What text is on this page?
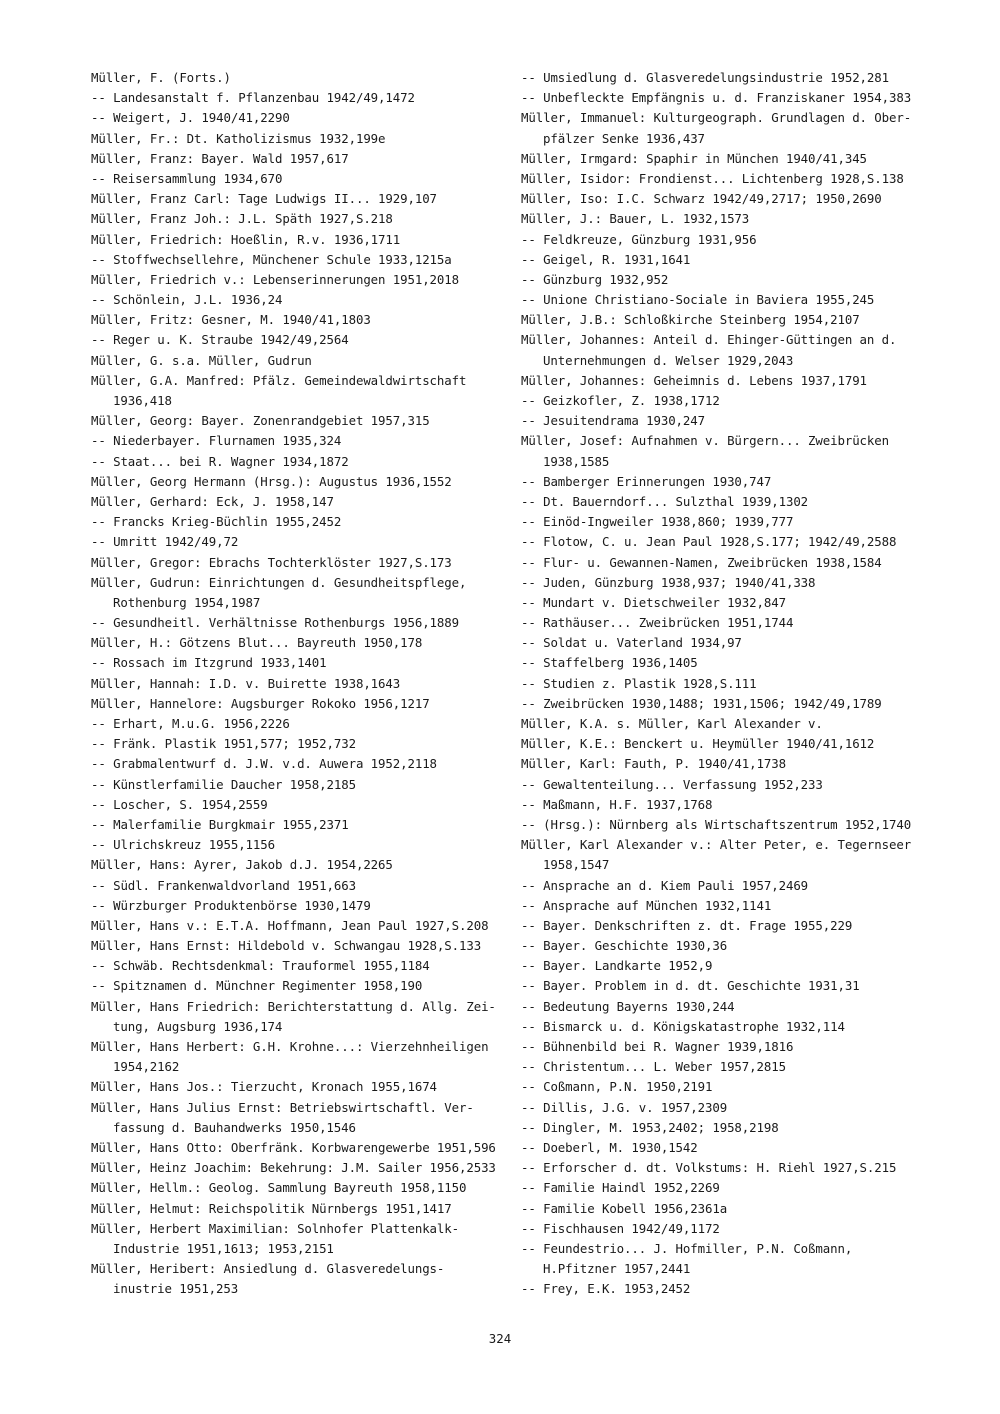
Müller, F. (Forts.)
-- Landesanstalt f. Pflanzenbau 1942/49,1472
-- Weigert, J. 1940/41,2290
Müller, Fr.: Dt. Katholizismus 1932,199e
Müller, Franz: Bayer. Wald 1957,617
-- Reisersammlung 1934,670
Müller, Franz Carl: Tage Ludwigs II... 1929,107
Müller, Franz Joh.: J.L. Späth 1927,S.218
Müller, Friedrich: Hoeßlin, R.v. 1936,1711
-- Stoffwechsellehre, Münchener Schule 1933,1215a
Müller, Friedrich v.: Lebenserinnerungen 1951,2018
-- Schönlein, J.L. 1936,24
Müller, Fritz: Gesner, M. 1940/41,1803
-- Reger u. K. Straube 1942/49,2564
Müller, G. s.a. Müller, Gudrun
Müller, G.A. Manfred: Pfälz. Gemeindewaldwirtschaft
1936,418
Müller, Georg: Bayer. Zonenrandgebiet 1957,315
-- Niederbayer. Flurnamen 1935,324
-- Staat... bei R. Wagner 1934,1872
Müller, Georg Hermann (Hrsg.): Augustus 1936,1552
Müller, Gerhard: Eck, J. 1958,147
-- Francks Krieg-Büchlin 1955,2452
-- Umritt 1942/49,72
Müller, Gregor: Ebrachs Tochterklöster 1927,S.173
Müller, Gudrun: Einrichtungen d. Gesundheitspflege,
Rothenburg 1954,1987
-- Gesundheitl. Verhältnisse Rothenburgs 1956,1889
Müller, H.: Götzens Blut... Bayreuth 1950,178
-- Rossach im Itzgrund 1933,1401
Müller, Hannah: I.D. v. Buirette 1938,1643
Müller, Hannelore: Augsburger Rokoko 1956,1217
-- Erhart, M.u.G. 1956,2226
-- Fränk. Plastik 1951,577; 1952,732
-- Grabmalentwurf d. J.W. v.d. Auwera 1952,2118
-- Künstlerfamilie Daucher 1958,2185
-- Loscher, S. 1954,2559
-- Malerfamilie Burgkmair 1955,2371
-- Ulrichskreuz 1955,1156
Müller, Hans: Ayrer, Jakob d.J. 1954,2265
-- Südl. Frankenwaldvorland 1951,663
-- Würzburger Produktenbörse 1930,1479
Müller, Hans v.: E.T.A. Hoffmann, Jean Paul 1927,S.208
Müller, Hans Ernst: Hildebold v. Schwangau 1928,S.133
-- Schwäb. Rechtsdenkmal: Trauformel 1955,1184
-- Spitznamen d. Münchner Regimenter 1958,190
Müller, Hans Friedrich: Berichterstattung d. Allg. Zei-
tung, Augsburg 1936,174
Müller, Hans Herbert: G.H. Krohne...: Vierzehnheiligen
1954,2162
Müller, Hans Jos.: Tierzucht, Kronach 1955,1674
Müller, Hans Julius Ernst: Betriebswirtschaftl. Ver-
fassung d. Bauhandwerks 1950,1546
Müller, Hans Otto: Oberfränk. Korbwarengewerbe 1951,596
Müller, Heinz Joachim: Bekehrung: J.M. Sailer 1956,2533
Müller, Hellm.: Geolog. Sammlung Bayreuth 1958,1150
Müller, Helmut: Reichspolitik Nürnbergs 1951,1417
Müller, Herbert Maximilian: Solnhofer Plattenkalk-
Industrie 1951,1613; 1953,2151
Müller, Heribert: Ansiedlung d. Glasveredelungs-
inustrie 1951,253
-- Umsiedlung d. Glasveredelungsindustrie 1952,281
-- Unbefleckte Empfängnis u. d. Franziskaner 1954,383
Müller, Immanuel: Kulturgeograph. Grundlagen d. Ober-
pfälzer Senke 1936,437
Müller, Irmgard: Spaphir in München 1940/41,345
Müller, Isidor: Frondienst... Lichtenberg 1928,S.138
Müller, Iso: I.C. Schwarz 1942/49,2717; 1950,2690
Müller, J.: Bauer, L. 1932,1573
-- Feldkreuze, Günzburg 1931,956
-- Geigel, R. 1931,1641
-- Günzburg 1932,952
-- Unione Christiano-Sociale in Baviera 1955,245
Müller, J.B.: Schloßkirche Steinberg 1954,2107
Müller, Johannes: Anteil d. Ehinger-Güttingen an d.
Unternehmungen d. Welser 1929,2043
Müller, Johannes: Geheimnis d. Lebens 1937,1791
-- Geizkofler, Z. 1938,1712
-- Jesuitendrama 1930,247
Müller, Josef: Aufnahmen v. Bürgern... Zweibrücken
1938,1585
-- Bamberger Erinnerungen 1930,747
-- Dt. Bauerndorf... Sulzthal 1939,1302
-- Einöd-Ingweiler 1938,860; 1939,777
-- Flotow, C. u. Jean Paul 1928,S.177; 1942/49,2588
-- Flur- u. Gewannen-Namen, Zweibrücken 1938,1584
-- Juden, Günzburg 1938,937; 1940/41,338
-- Mundart v. Dietschweiler 1932,847
-- Rathäuser... Zweibrücken 1951,1744
-- Soldat u. Vaterland 1934,97
-- Staffelberg 1936,1405
-- Studien z. Plastik 1928,S.111
-- Zweibrücken 1930,1488; 1931,1506; 1942/49,1789
Müller, K.A. s. Müller, Karl Alexander v.
Müller, K.E.: Benckert u. Heymüller 1940/41,1612
Müller, Karl: Fauth, P. 1940/41,1738
-- Gewaltenteilung... Verfassung 1952,233
-- Maßmann, H.F. 1937,1768
-- (Hrsg.): Nürnberg als Wirtschaftszentrum 1952,1740
Müller, Karl Alexander v.: Alter Peter, e. Tegernseer
1958,1547
-- Ansprache an d. Kiem Pauli 1957,2469
-- Ansprache auf München 1932,1141
-- Bayer. Denkschriften z. dt. Frage 1955,229
-- Bayer. Geschichte 1930,36
-- Bayer. Landkarte 1952,9
-- Bayer. Problem in d. dt. Geschichte 1931,31
-- Bedeutung Bayerns 1930,244
-- Bismarck u. d. Königskatastrophe 1932,114
-- Bühnenbild bei R. Wagner 1939,1816
-- Christentum... L. Weber 1957,2815
-- Coßmann, P.N. 1950,2191
-- Dillis, J.G. v. 1957,2309
-- Dingler, M. 1953,2402; 1958,2198
-- Doeberl, M. 1930,1542
-- Erforscher d. dt. Volkstums: H. Riehl 1927,S.215
-- Familie Haindl 1952,2269
-- Familie Kobell 1956,2361a
-- Fischhausen 1942/49,1172
-- Feundestrio... J. Hofmiller, P.N. Coßmann,
H.Pfitzner 1957,2441
-- Frey, E.K. 1953,2452
324
